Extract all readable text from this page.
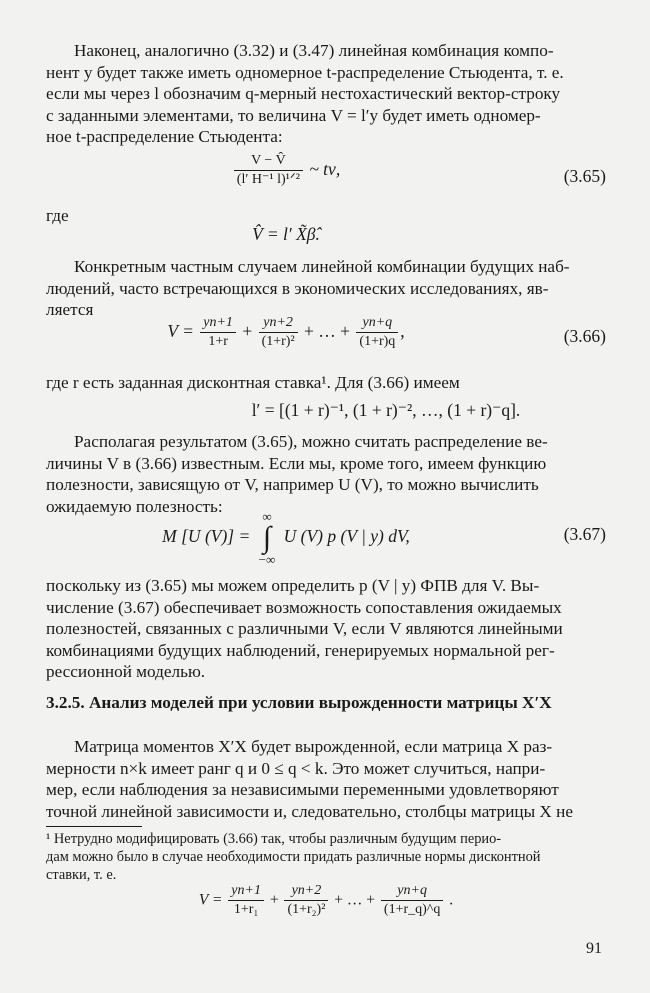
Наконец, аналогично (3.32) и (3.47) линейная комбинация компо-
нент y будет также иметь одномерное t-распределение Стьюдента, т. е.
если мы через l обозначим q-мерный нестохастический вектор-строку
с заданными элементами, то величина V = l′y будет иметь одномер-
ное t-распределение Стьюдента:

$\frac{V - V̂}{\text{(l′ H⁻¹ l)¹ᐟ²}}$ ~ tν,	(3.65)

где

V̂ = l′ X̃β̂.

Конкретным частным случаем линейной комбинации будущих наб-
людений, часто встречающихся в экономических исследованиях, яв-
ляется

$V = \frac{yn+1}{1+r} + \frac{yn+2}{\text{(1+r)²}}$ + … + $\frac{yn+q}{(1+r)q}$ ,	(3.66)

где r есть заданная дисконтная ставка¹. Для (3.66) имеем

l′ = [(1 + r)⁻¹, (1 + r)⁻², …, (1 + r)⁻q].

Располагая результатом (3.65), можно считать распределение ве-
личины V в (3.66) известным. Если мы, кроме того, имеем функцию
полезности, зависящую от V, например U (V), то можно вычислить
ожидаемую полезность:

M [U (V)] =
∞
∫
−∞
U (V) p (V | y) dV,	(3.67)

поскольку из (3.65) мы можем определить p (V | y) ФПВ для V. Вы-
числение (3.67) обеспечивает возможность сопоставления ожидаемых
полезностей, связанных с различными V, если V являются линейными
комбинациями будущих наблюдений, генерируемых нормальной рег-
рессионной моделью.

3.2.5. Анализ моделей при условии вырожденности матрицы X′X

Матрица моментов X′X будет вырожденной, если матрица X раз-
мерности n×k имеет ранг q и 0 ≤ q < k. Это может случиться, напри-
мер, если наблюдения за независимыми переменными удовлетворяют
точной линейной зависимости и, следовательно, столбцы матрицы X не

¹ Нетрудно модифицировать (3.66) так, чтобы различным будущим перио-
дам можно было в случае необходимости придать различные нормы дисконтной
ставки, т. е.

$V = \frac{yn+1}{\text{1+r₁}} + \frac{yn+2}{\text{(1+r₂)²}}$ + … + $\frac{yn+q}{(1+r\_q)\^{}q}$ .
91
